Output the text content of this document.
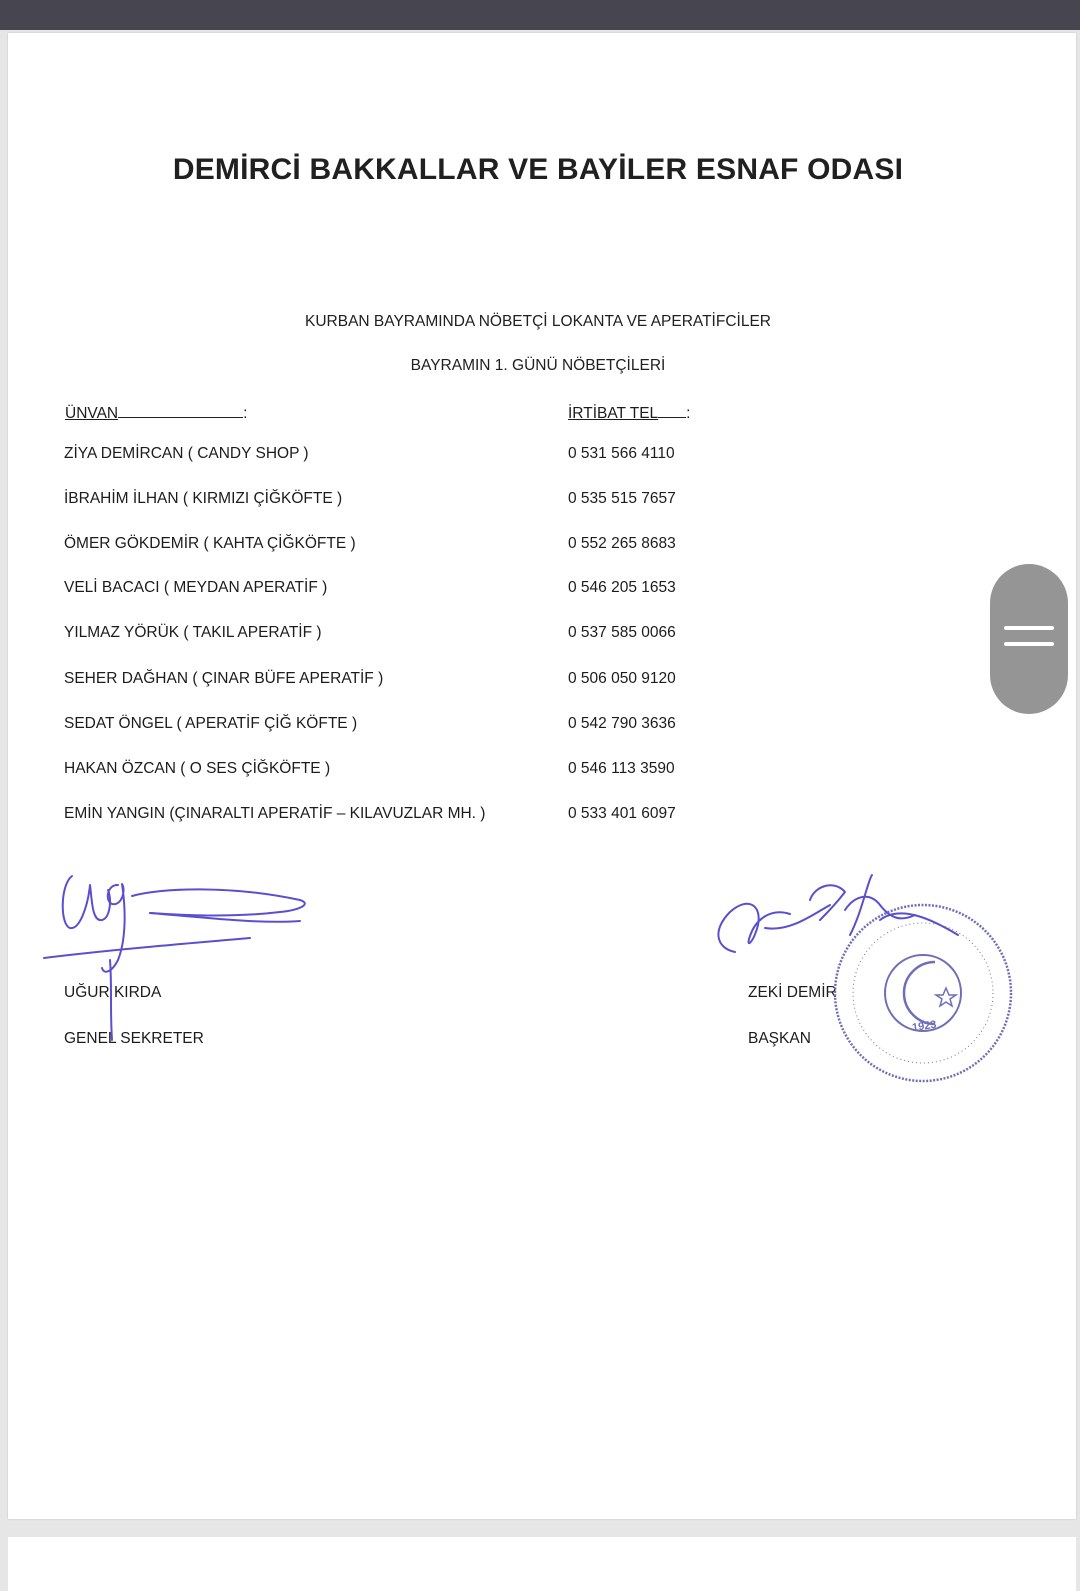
DEMİRCİ BAKKALLAR VE BAYİLER ESNAF ODASI
KURBAN BAYRAMINDA NÖBETÇİ LOKANTA VE APERATİFCİLER
BAYRAMIN 1. GÜNÜ NÖBETÇİLERİ
ÜNVAN	:	İRTİBAT TEL :
ZİYA DEMİRCAN ( CANDY SHOP )	0 531 566 4110
İBRAHİM İLHAN ( KIRMIZI ÇİĞKÖFTE )	0 535 515 7657
ÖMER GÖKDEMİR ( KAHTA ÇİĞKÖFTE )	0 552 265 8683
VELİ BACACI ( MEYDAN APERATİF )	0 546 205 1653
YILMAZ YÖRÜK ( TAKIL APERATİF )	0 537 585 0066
SEHER DAĞHAN ( ÇINAR BÜFE APERATİF )	0 506 050 9120
SEDAT ÖNGEL ( APERATİF ÇİĞ KÖFTE )	0 542 790 3636
HAKAN ÖZCAN ( O SES ÇİĞKÖFTE )	0 546 113 3590
EMİN YANGIN (ÇINARALTI APERATİF – KILAVUZLAR MH. )	0 533 401 6097
UĞUR KIRDA
GENEL SEKRETER
ZEKİ DEMİR
BAŞKAN
1923
